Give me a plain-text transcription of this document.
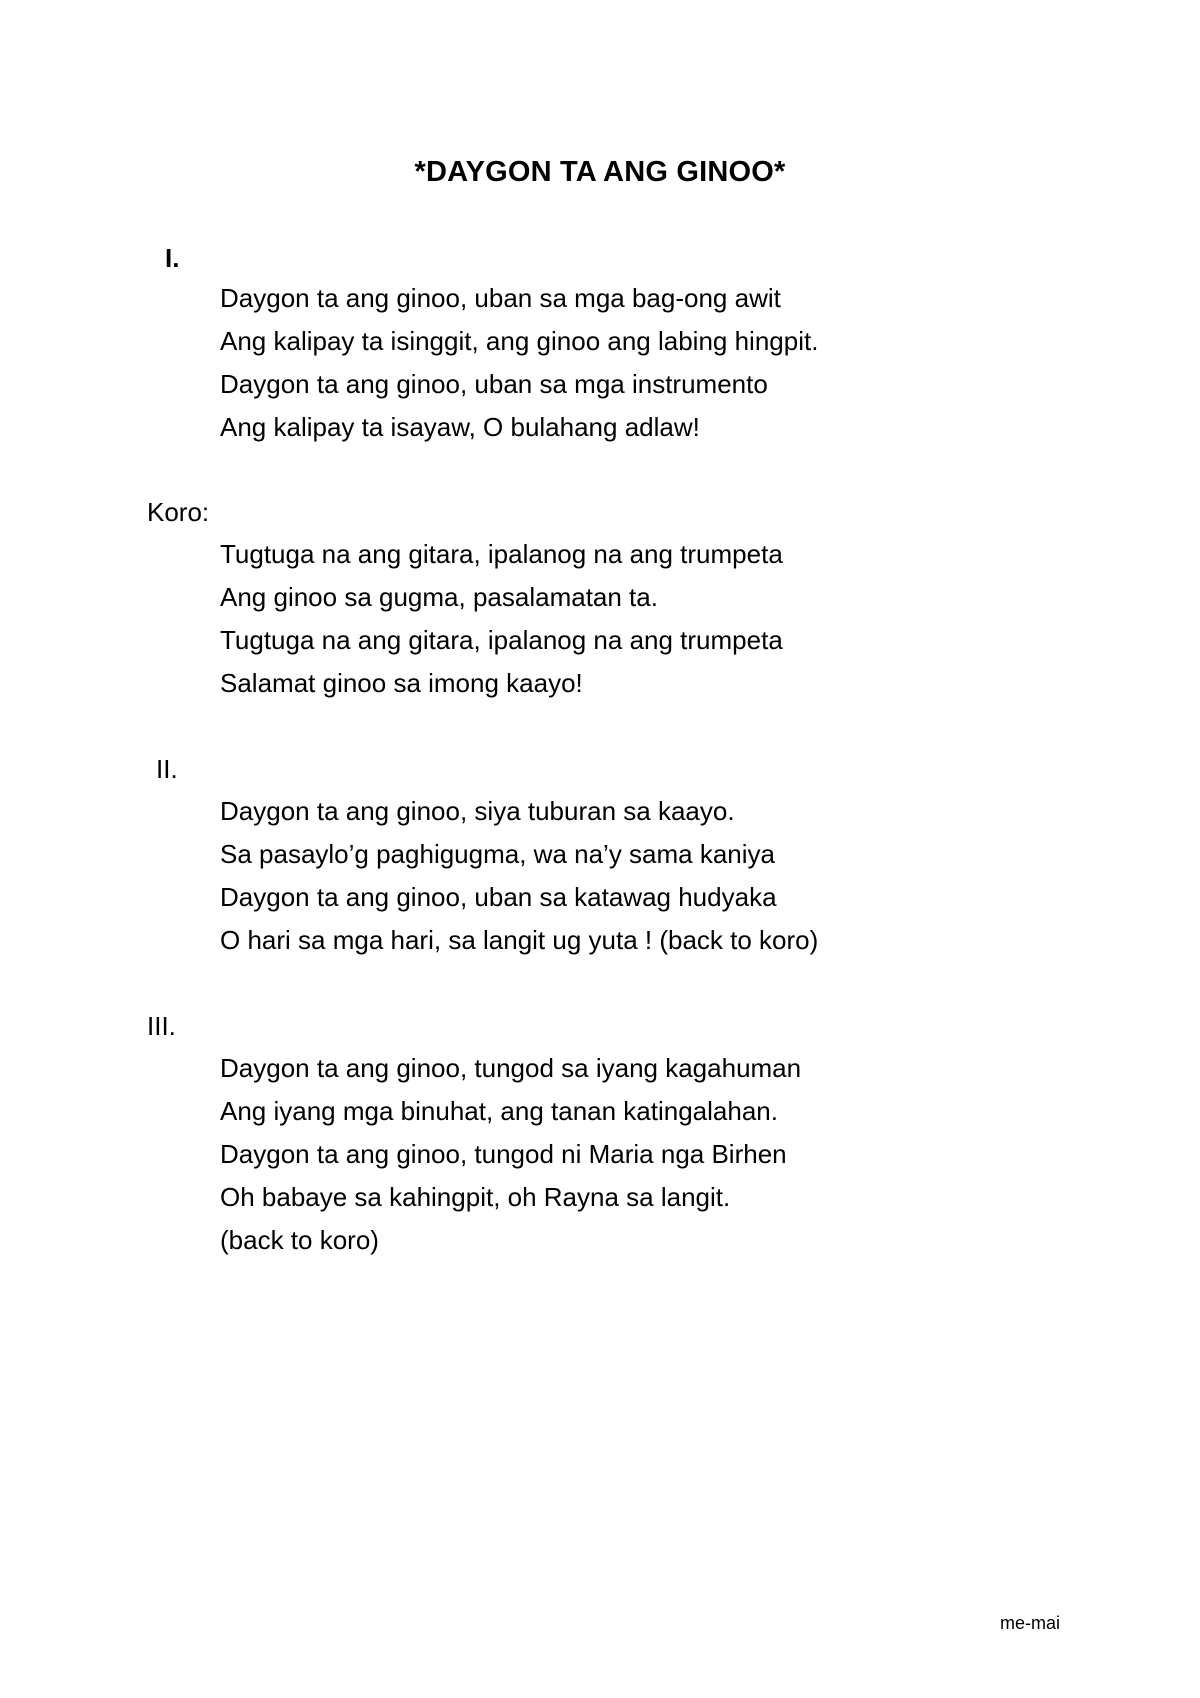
*DAYGON TA ANG GINOO*
I.
Daygon ta ang ginoo, uban sa mga bag-ong awit
Ang kalipay ta isinggit, ang ginoo ang labing hingpit.
Daygon ta ang ginoo, uban sa mga instrumento
Ang kalipay ta isayaw, O bulahang adlaw!
Koro:
Tugtuga na ang gitara, ipalanog na ang trumpeta
Ang ginoo sa gugma, pasalamatan ta.
Tugtuga na ang gitara, ipalanog na ang trumpeta
Salamat ginoo sa imong kaayo!
II.
Daygon ta ang ginoo, siya tuburan sa kaayo.
Sa pasaylo’g paghigugma, wa na’y sama kaniya
Daygon ta ang ginoo, uban sa katawag hudyaka
O hari sa mga hari, sa langit ug yuta ! (back to koro)
III.
Daygon ta ang ginoo, tungod sa iyang kagahuman
Ang iyang mga binuhat, ang tanan katingalahan.
Daygon ta ang ginoo, tungod ni Maria nga Birhen
Oh babaye sa kahingpit, oh Rayna sa langit.
(back to koro)
me-mai
